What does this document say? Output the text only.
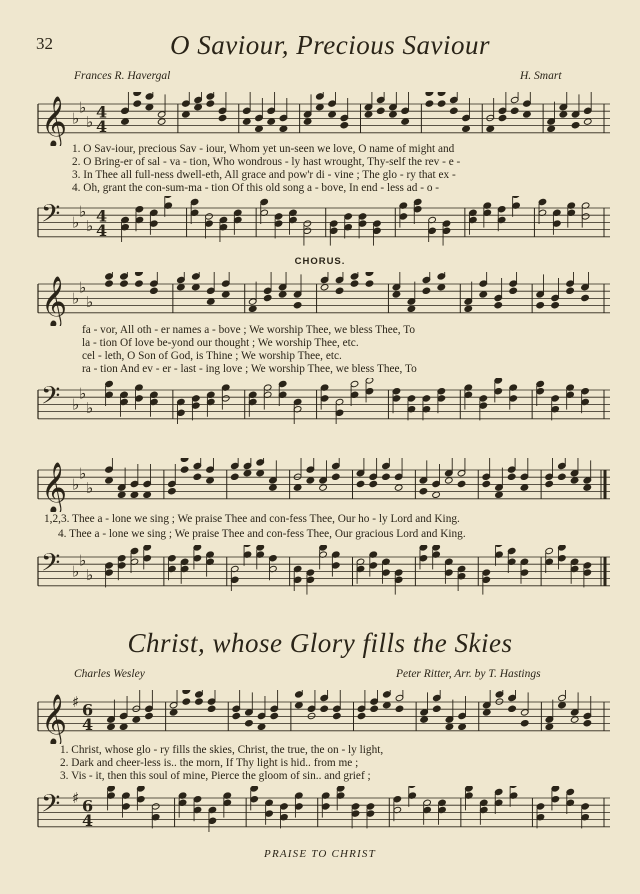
32	O Saviour, Precious Saviour
Frances R. Havergal	H. Smart
𝄞 ♭
♭
♭
4
4
1. O Sav-iour, precious Sav - iour, Whom yet un-seen we love, O name of might and
2. O Bring-er of sal - va - tion, Who wondrous - ly hast wrought, Thy-self the rev - e -
3. In Thee all full-ness dwell-eth, All grace and pow'r di - vine ; The glo - ry that ex -
4. Oh, grant the con-sum-ma - tion Of this old song a - bove, In end - less ad - o -
𝄢 ♭
♭
♭
4
4
CHORUS.
𝄞 ♭
♭
♭
fa - vor, All oth - er names a - bove ; We worship Thee, we bless Thee, To
la - tion Of love be-yond our thought ; We worship Thee, etc.
cel - leth, O Son of God, is Thine ; We worship Thee, etc.
ra - tion And ev - er - last - ing love ; We worship Thee, we bless Thee, To
𝄢 ♭
♭
♭
𝄞 ♭
♭
♭
1,2,3. Thee a - lone we sing ; We praise Thee and con-fess Thee, Our ho - ly Lord and King.
4. Thee a - lone we sing ; We praise Thee and con-fess Thee, Our gracious Lord and King.
𝄢 ♭
♭
♭
Christ, whose Glory fills the Skies
Charles Wesley	Peter Ritter, Arr. by T. Hastings
𝄞 ♯ 6
4
1. Christ, whose glo - ry fills the skies, Christ, the true, the on - ly light,
2. Dark and cheer-less is.. the morn, If Thy light is hid.. from me ;
3. Vis - it, then this soul of mine, Pierce the gloom of sin.. and grief ;
𝄢 ♯ 6
4
PRAISE TO CHRIST
